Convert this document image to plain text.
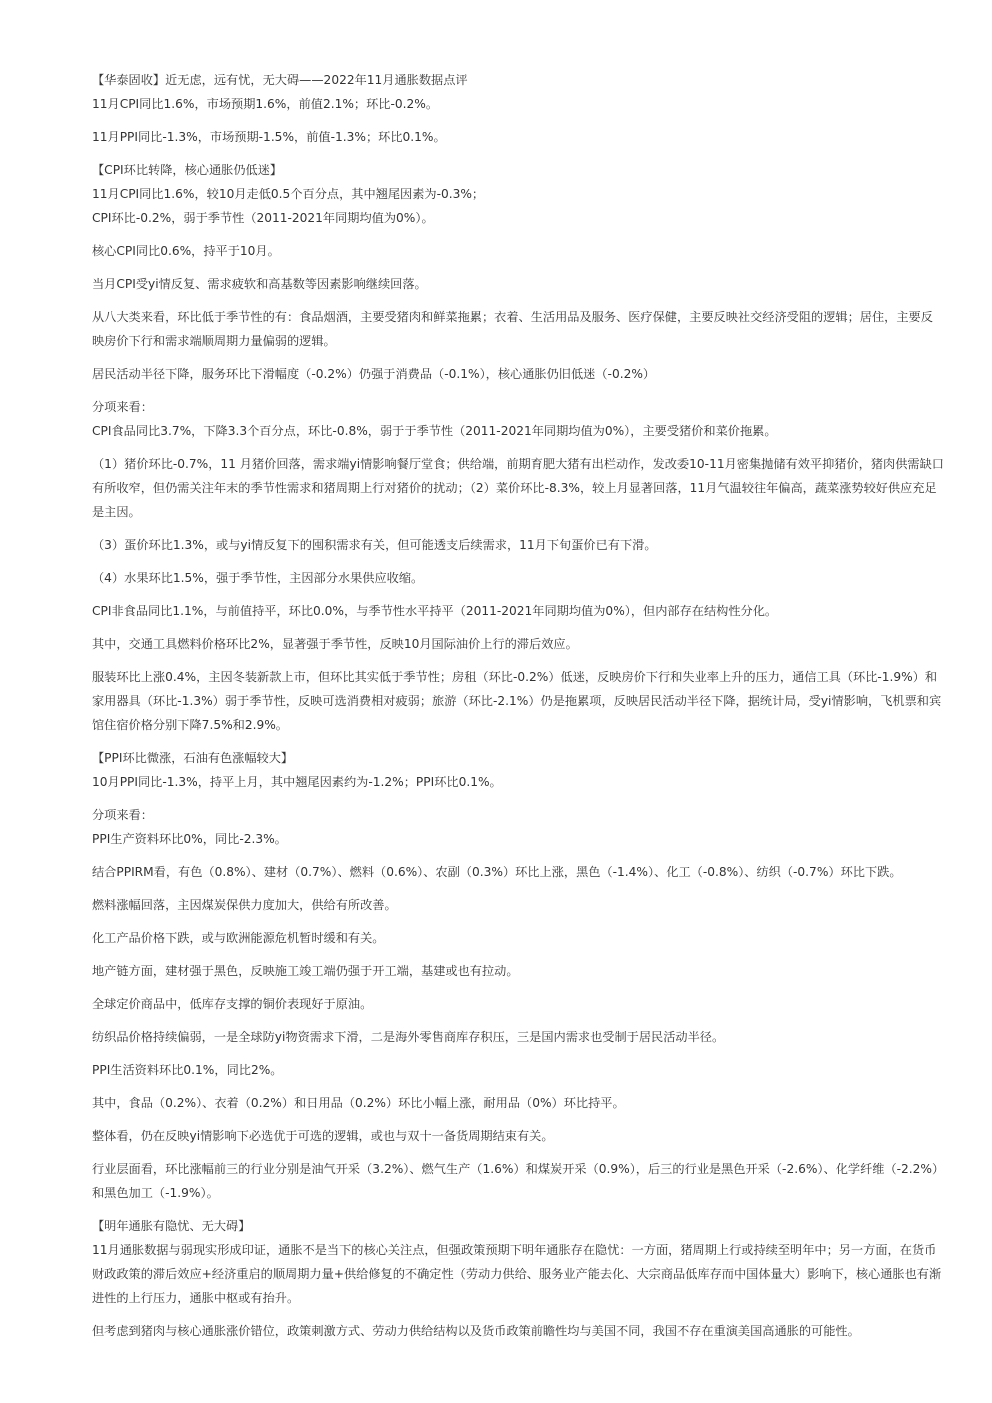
【华泰固收】近无虑，远有忧，无大碍——2022年11月通胀数据点评

11月CPI同比1.6%，市场预期1.6%，前值2.1%；环比-0.2%。

11月PPI同比-1.3%，市场预期-1.5%，前值-1.3%；环比0.1%。

【CPI环比转降，核心通胀仍低迷】

11月CPI同比1.6%，较10月走低0.5个百分点，其中翘尾因素为-0.3%；

CPI环比-0.2%，弱于季节性（2011-2021年同期均值为0%）。

核心CPI同比0.6%，持平于10月。

当月CPI受yi情反复、需求疲软和高基数等因素影响继续回落。

从八大类来看，环比低于季节性的有：食品烟酒，主要受猪肉和鲜菜拖累；衣着、生活用品及服务、医疗保健，主要反映社交经济受阻的逻辑；居住，主要反映房价下行和需求端顺周期力量偏弱的逻辑。

居民活动半径下降，服务环比下滑幅度（-0.2%）仍强于消费品（-0.1%），核心通胀仍旧低迷（-0.2%）

分项来看：

CPI食品同比3.7%，下降3.3个百分点，环比-0.8%，弱于于季节性（2011-2021年同期均值为0%），主要受猪价和菜价拖累。

（1）猪价环比-0.7%，11 月猪价回落，需求端yi情影响餐厅堂食；供给端，前期育肥大猪有出栏动作，发改委10-11月密集抛储有效平抑猪价，猪肉供需缺口有所收窄，但仍需关注年末的季节性需求和猪周期上行对猪价的扰动；（2）菜价环比-8.3%，较上月显著回落，11月气温较往年偏高，蔬菜涨势较好供应充足是主因。

（3）蛋价环比1.3%，或与yi情反复下的囤积需求有关，但可能透支后续需求，11月下旬蛋价已有下滑。

（4）水果环比1.5%，强于季节性，主因部分水果供应收缩。

CPI非食品同比1.1%，与前值持平，环比0.0%，与季节性水平持平（2011-2021年同期均值为0%），但内部存在结构性分化。

其中，交通工具燃料价格环比2%，显著强于季节性，反映10月国际油价上行的滞后效应。

服装环比上涨0.4%，主因冬装新款上市，但环比其实低于季节性；房租（环比-0.2%）低迷，反映房价下行和失业率上升的压力，通信工具（环比-1.9%）和家用器具（环比-1.3%）弱于季节性，反映可选消费相对疲弱；旅游（环比-2.1%）仍是拖累项，反映居民活动半径下降，据统计局，受yi情影响，飞机票和宾馆住宿价格分别下降7.5%和2.9%。

【PPI环比微涨，石油有色涨幅较大】

10月PPI同比-1.3%，持平上月，其中翘尾因素约为-1.2%；PPI环比0.1%。

分项来看：

PPI生产资料环比0%，同比-2.3%。

结合PPIRM看，有色（0.8%）、建材（0.7%）、燃料（0.6%）、农副（0.3%）环比上涨，黑色（-1.4%）、化工（-0.8%）、纺织（-0.7%）环比下跌。

燃料涨幅回落，主因煤炭保供力度加大，供给有所改善。

化工产品价格下跌，或与欧洲能源危机暂时缓和有关。

地产链方面，建材强于黑色，反映施工竣工端仍强于开工端，基建或也有拉动。

全球定价商品中，低库存支撑的铜价表现好于原油。

纺织品价格持续偏弱，一是全球防yi物资需求下滑，二是海外零售商库存积压，三是国内需求也受制于居民活动半径。

PPI生活资料环比0.1%，同比2%。

其中，食品（0.2%）、衣着（0.2%）和日用品（0.2%）环比小幅上涨，耐用品（0%）环比持平。

整体看，仍在反映yi情影响下必选优于可选的逻辑，或也与双十一备货周期结束有关。

行业层面看，环比涨幅前三的行业分别是油气开采（3.2%）、燃气生产（1.6%）和煤炭开采（0.9%），后三的行业是黑色开采（-2.6%）、化学纤维（-2.2%）和黑色加工（-1.9%）。

【明年通胀有隐忧、无大碍】

11月通胀数据与弱现实形成印证，通胀不是当下的核心关注点，但强政策预期下明年通胀存在隐忧：一方面，猪周期上行或持续至明年中；另一方面，在货币财政政策的滞后效应+经济重启的顺周期力量+供给修复的不确定性（劳动力供给、服务业产能去化、大宗商品低库存而中国体量大）影响下，核心通胀也有渐进性的上行压力，通胀中枢或有抬升。

但考虑到猪肉与核心通胀涨价错位，政策刺激方式、劳动力供给结构以及货币政策前瞻性均与美国不同，我国不存在重演美国高通胀的可能性。
